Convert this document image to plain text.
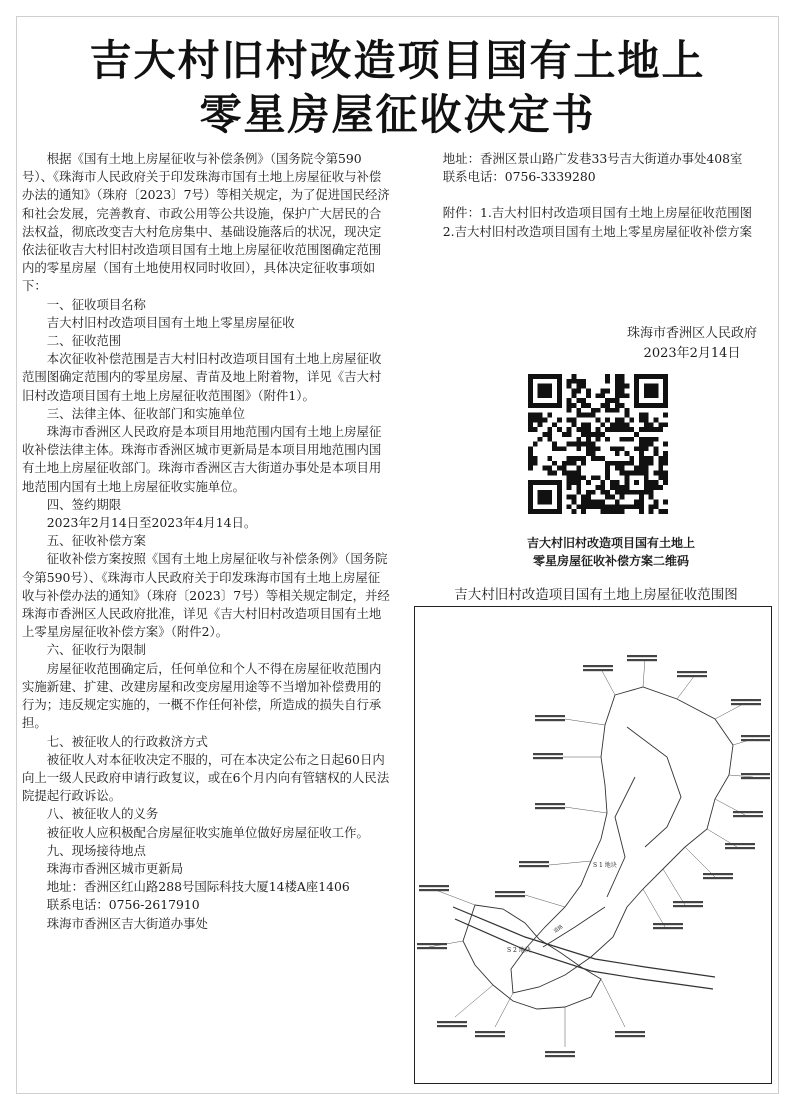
吉大村旧村改造项目国有土地上
零星房屋征收决定书

根据《国有土地上房屋征收与补偿条例》（国务院令第590号）、《珠海市人民政府关于印发珠海市国有土地上房屋征收与补偿办法的通知》（珠府〔2023〕7号）等相关规定，为了促进国民经济和社会发展，完善教育、市政公用等公共设施，保护广大居民的合法权益，彻底改变吉大村危房集中、基础设施落后的状况，现决定依法征收吉大村旧村改造项目国有土地上房屋征收范围图确定范围内的零星房屋（国有土地使用权同时收回），具体决定征收事项如下：

一、征收项目名称

吉大村旧村改造项目国有土地上零星房屋征收

二、征收范围

本次征收补偿范围是吉大村旧村改造项目国有土地上房屋征收范围图确定范围内的零星房屋、青苗及地上附着物，详见《吉大村旧村改造项目国有土地上房屋征收范围图》（附件1）。

三、法律主体、征收部门和实施单位

珠海市香洲区人民政府是本项目用地范围内国有土地上房屋征收补偿法律主体。珠海市香洲区城市更新局是本项目用地范围内国有土地上房屋征收部门。珠海市香洲区吉大街道办事处是本项目用地范围内国有土地上房屋征收实施单位。

四、签约期限

2023年2月14日至2023年4月14日。

五、征收补偿方案

征收补偿方案按照《国有土地上房屋征收与补偿条例》（国务院令第590号）、《珠海市人民政府关于印发珠海市国有土地上房屋征收与补偿办法的通知》（珠府〔2023〕7号）等相关规定制定，并经珠海市香洲区人民政府批准，详见《吉大村旧村改造项目国有土地上零星房屋征收补偿方案》（附件2）。

六、征收行为限制

房屋征收范围确定后，任何单位和个人不得在房屋征收范围内实施新建、扩建、改建房屋和改变房屋用途等不当增加补偿费用的行为；违反规定实施的，一概不作任何补偿，所造成的损失自行承担。

七、被征收人的行政救济方式

被征收人对本征收决定不服的，可在本决定公布之日起60日内向上一级人民政府申请行政复议，或在6个月内向有管辖权的人民法院提起行政诉讼。

八、被征收人的义务

被征收人应积极配合房屋征收实施单位做好房屋征收工作。

九、现场接待地点

珠海市香洲区城市更新局

地址：香洲区红山路288号国际科技大厦14楼A座1406

联系电话：0756-2617910

珠海市香洲区吉大街道办事处

地址：香洲区景山路广发巷33号吉大街道办事处408室

联系电话：0756-3339280

附件：1.吉大村旧村改造项目国有土地上房屋征收范围图

2.吉大村旧村改造项目国有土地上零星房屋征收补偿方案

珠海市香洲区人民政府
2023年2月14日
吉大村旧村改造项目国有土地上
零星房屋征收补偿方案二维码
吉大村旧村改造项目国有土地上房屋征收范围图
S 1 地块
S 2 地块
道路
